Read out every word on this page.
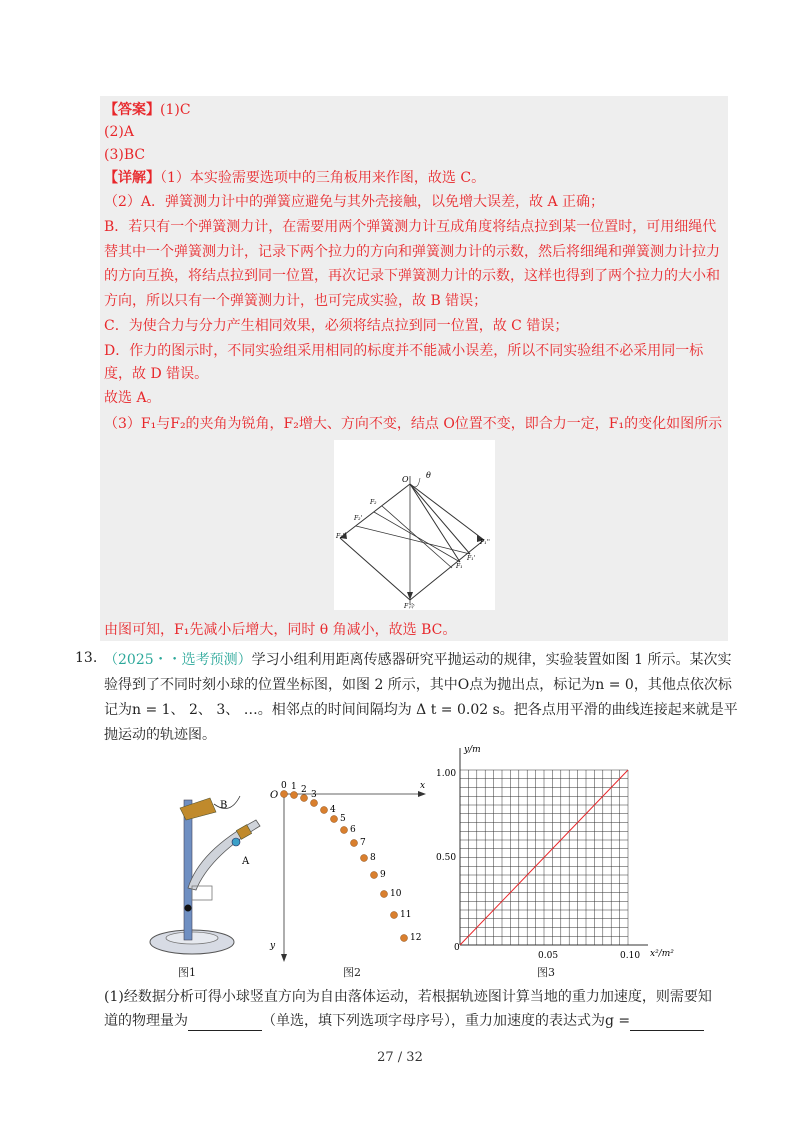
【答案】(1)C
(2)A
(3)BC
【详解】（1）本实验需要选项中的三角板用来作图，故选 C。
（2）A．弹簧测力计中的弹簧应避免与其外壳接触，以免增大误差，故 A 正确；
B．若只有一个弹簧测力计，在需要用两个弹簧测力计互成角度将结点拉到某一位置时，可用细绳代
替其中一个弹簧测力计，记录下两个拉力的方向和弹簧测力计的示数，然后将细绳和弹簧测力计拉力
的方向互换，将结点拉到同一位置，再次记录下弹簧测力计的示数，这样也得到了两个拉力的大小和
方向，所以只有一个弹簧测力计，也可完成实验，故 B 错误；
C．为使合力与分力产生相同效果，必须将结点拉到同一位置，故 C 错误；
D．作力的图示时，不同实验组采用相同的标度并不能减小误差，所以不同实验组不必采用同一标
度，故 D 错误。
故选 A。
（3）F₁与F₂的夹角为锐角，F₂增大、方向不变，结点 O位置不变，即合力一定，F₁的变化如图所示
O θ
F₂
F₂'
F₂''
F₁''
F₁'
F₁
F合
由图可知，F₁先减小后增大，同时 θ 角减小，故选 BC。
13. （2025・・选考预测）学习小组利用距离传感器研究平抛运动的规律，实验装置如图 1 所示。某次实
验得到了不同时刻小球的位置坐标图，如图 2 所示，其中O点为抛出点，标记为n = 0，其他点依次标
记为n = 1、 2、 3、 …。相邻点的时间间隔均为 Δ t = 0.02 s。把各点用平滑的曲线连接起来就是平
抛运动的轨迹图。
B
A
图1
O
x
y
0 1 2 3
4
5
6
7
8
9
10
11
12
图2
y/m
x²/m²
1.00
0.50
0
0.05	0.10
图3
(1)经数据分析可得小球竖直方向为自由落体运动，若根据轨迹图计算当地的重力加速度，则需要知
道的物理量为	（单选，填下列选项字母序号），重力加速度的表达式为g =
27 / 32
